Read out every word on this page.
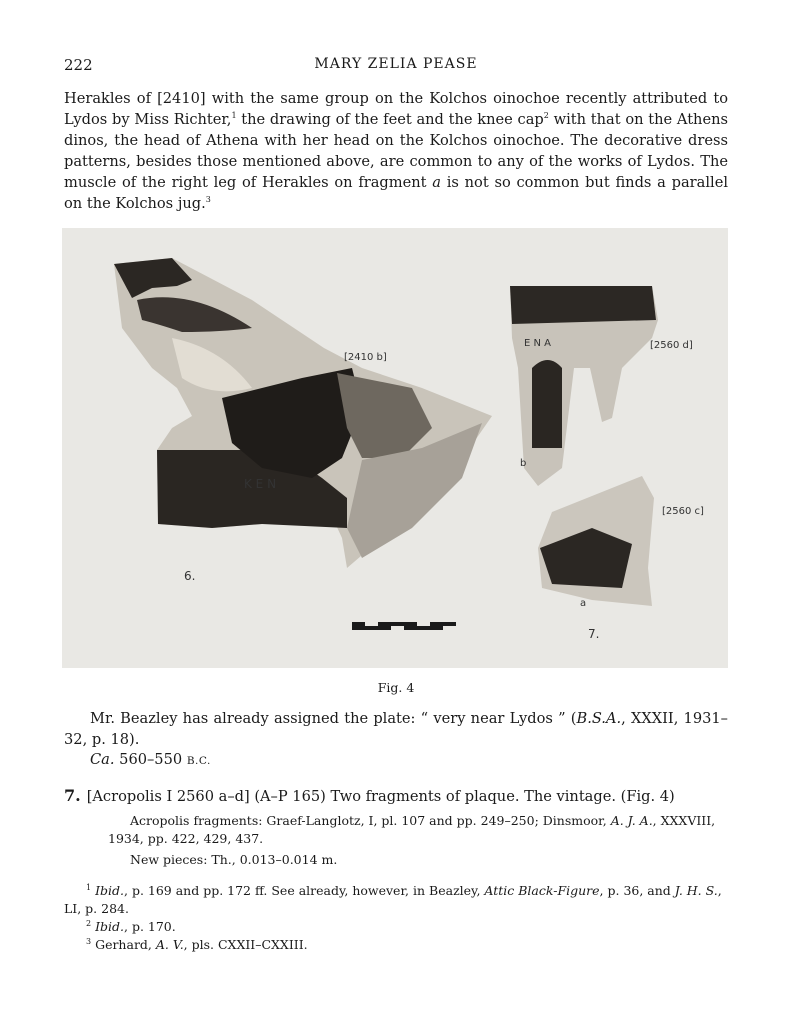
222	MARY ZELIA PEASE

Herakles of [2410] with the same group on the Kolchos oinochoe recently attributed to Lydos by Miss Richter,$^1$ the drawing of the feet and the knee cap$^2$ with that on the Athens dinos, the head of Athena with her head on the Kolchos oinochoe. The decorative dress patterns, besides those mentioned above, are common to any of the works of Lydos. The muscle of the right leg of Herakles on fragment a is not so common but finds a parallel on the Kolchos jug.$^3$

K E N
E N A
[2410 b]
[2560 d]
[2560 c]
b
a
6.
7.
Fig. 4

Mr. Beazley has already assigned the plate: “ very near Lydos ” (B.S.A., XXXII, 1931–32, p. 18).

Ca. 560–550 B.C.
7. [Acropolis I 2560 a–d] (A–P 165) Two fragments of plaque. The vintage. (Fig. 4)

Acropolis fragments: Graef-Langlotz, I, pl. 107 and pp. 249–250; Dinsmoor, A. J. A., XXXVIII, 1934, pp. 422, 429, 437.

New pieces: Th., 0.013–0.014 m.

$^1$ Ibid., p. 169 and pp. 172 ff. See already, however, in Beazley, Attic Black-Figure, p. 36, and J. H. S., LI, p. 284.

$^2$ Ibid., p. 170.

$^3$ Gerhard, A. V., pls. CXXII–CXXIII.
